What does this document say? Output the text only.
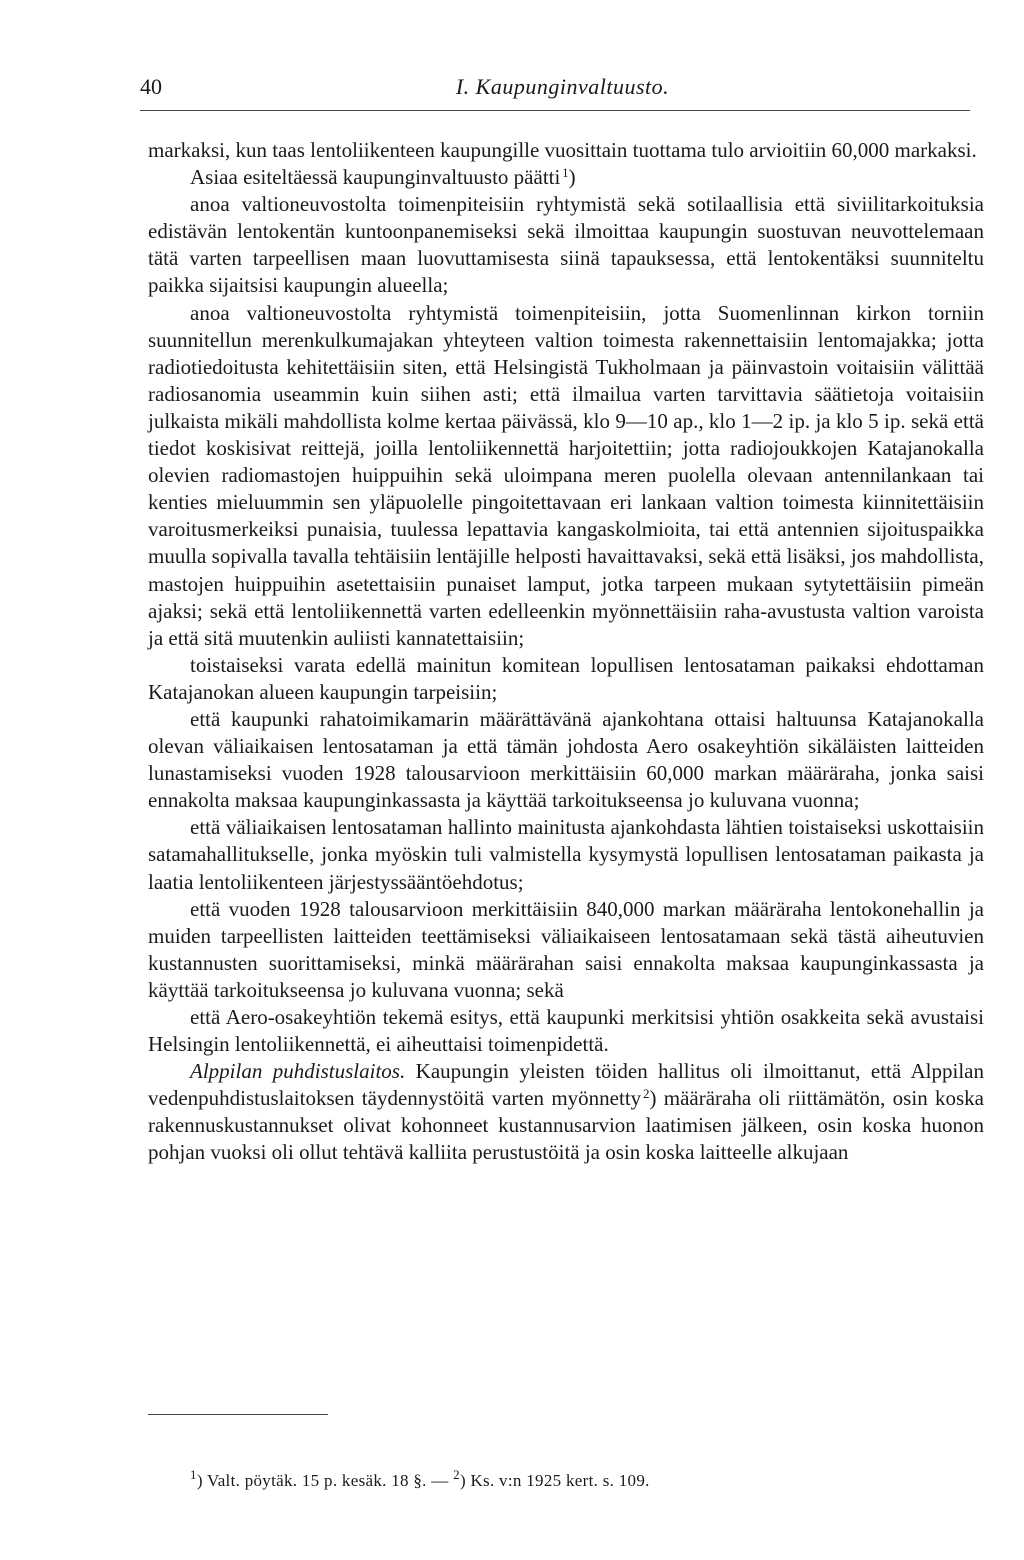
I. Kaupunginvaltuusto.
40

markaksi, kun taas lentoliikenteen kaupungille vuosittain tuottama tulo arvioitiin 60,000 markaksi.

Asiaa esiteltäessä kaupunginvaltuusto päätti  $^1$)

anoa valtioneuvostolta toimenpiteisiin ryhtymistä sekä sotilaallisia että siviilitarkoituksia edistävän lentokentän kuntoonpanemiseksi sekä ilmoittaa kaupungin suostuvan neuvottelemaan tätä varten tarpeellisen maan luovuttamisesta siinä tapauksessa, että lentokentäksi suunniteltu paikka sijaitsisi kaupungin alueella;

anoa valtioneuvostolta ryhtymistä toimenpiteisiin, jotta Suomenlinnan kirkon torniin suunnitellun merenkulkumajakan yhteyteen valtion toimesta rakennettaisiin lentomajakka; jotta radiotiedoitusta kehitettäisiin siten, että Helsingistä Tukholmaan ja päinvastoin voitaisiin välittää radiosanomia useammin kuin siihen asti; että ilmailua varten tarvittavia säätietoja voitaisiin julkaista mikäli mahdollista kolme kertaa päivässä, klo 9—10 ap., klo 1—2 ip. ja klo 5 ip. sekä että tiedot koskisivat reittejä, joilla lentoliikennettä harjoitettiin; jotta radiojoukkojen Katajanokalla olevien radiomastojen huippuihin sekä uloimpana meren puolella olevaan antennilankaan tai kenties mieluummin sen yläpuolelle pingoitettavaan eri lankaan valtion toimesta kiinnitettäisiin varoitusmerkeiksi punaisia, tuulessa lepattavia kangaskolmioita, tai että antennien sijoituspaikka muulla sopivalla tavalla tehtäisiin lentäjille helposti havaittavaksi, sekä että lisäksi, jos mahdollista, mastojen huippuihin asetettaisiin punaiset lamput, jotka tarpeen mukaan sytytettäisiin pimeän ajaksi; sekä että lentoliikennettä varten edelleenkin myönnettäisiin raha-avustusta valtion varoista ja että sitä muutenkin auliisti kannatettaisiin;

toistaiseksi varata edellä mainitun komitean lopullisen lentosataman paikaksi ehdottaman Katajanokan alueen kaupungin tarpeisiin;

että kaupunki rahatoimikamarin määrättävänä ajankohtana ottaisi haltuunsa Katajanokalla olevan väliaikaisen lentosataman ja että tämän johdosta Aero osakeyhtiön sikäläisten laitteiden lunastamiseksi vuoden 1928 talousarvioon merkittäisiin 60,000 markan määräraha, jonka saisi ennakolta maksaa kaupunginkassasta ja käyttää tarkoitukseensa jo kuluvana vuonna;

että väliaikaisen lentosataman hallinto mainitusta ajankohdasta lähtien toistaiseksi uskottaisiin satamahallitukselle, jonka myöskin tuli valmistella kysymystä lopullisen lentosataman paikasta ja laatia lentoliikenteen järjestyssääntöehdotus;

että vuoden 1928 talousarvioon merkittäisiin 840,000 markan määräraha lentokonehallin ja muiden tarpeellisten laitteiden teettämiseksi väliaikaiseen lentosatamaan sekä tästä aiheutuvien kustannusten suorittamiseksi, minkä määrärahan saisi ennakolta maksaa kaupunginkassasta ja käyttää tarkoitukseensa jo kuluvana vuonna; sekä

että Aero-osakeyhtiön tekemä esitys, että kaupunki merkitsisi yhtiön osakkeita sekä avustaisi Helsingin lentoliikennettä, ei aiheuttaisi toimenpidettä.

Alppilan puhdistuslaitos. Kaupungin yleisten töiden hallitus oli ilmoittanut, että Alppilan vedenpuhdistuslaitoksen täydennystöitä varten myönnetty  $^2$) määräraha oli riittämätön, osin koska rakennuskustannukset olivat kohonneet kustannusarvion laatimisen jälkeen, osin koska huonon pohjan vuoksi oli ollut tehtävä kalliita perustustöitä ja osin koska laitteelle alkujaan

$^1$) Valt. pöytäk. 15 p. kesäk. 18 §. — $^2$) Ks. v:n 1925 kert. s. 109.
